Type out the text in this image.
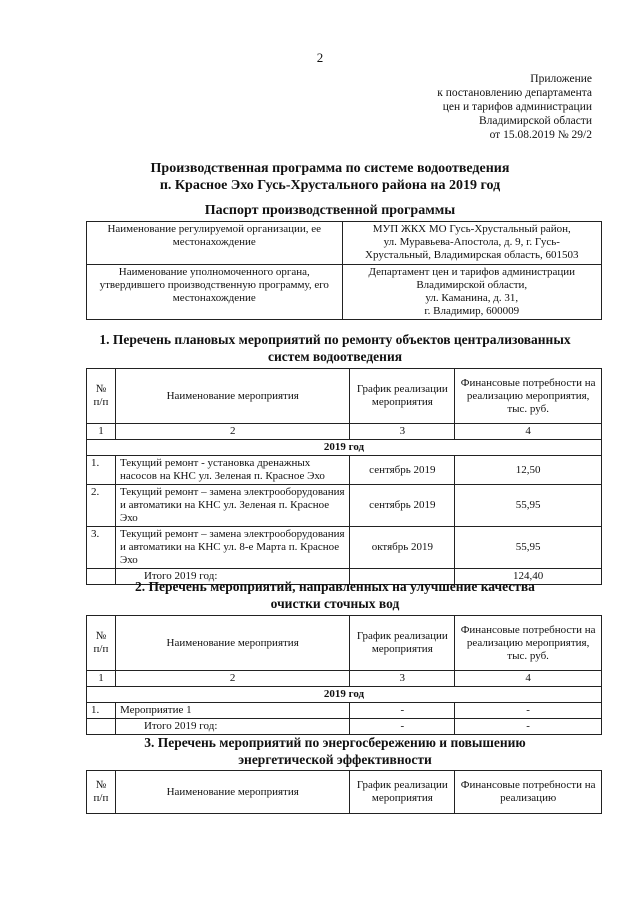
2
Приложение
к постановлению департамента
цен и тарифов администрации
Владимирской области
от 15.08.2019 № 29/2
Производственная программа по системе водоотведения
п. Красное Эхо Гусь-Хрустального района на 2019 год
Паспорт производственной программы
Наименование регулируемой организации, ее местонахождение	МУП ЖКХ МО Гусь-Хрустальный район,
ул. Муравьева-Апостола, д. 9, г. Гусь-
Хрустальный, Владимирская область, 601503

Наименование уполномоченного органа, утвердившего производственную программу, его местонахождение	Департамент цен и тарифов администрации
Владимирской области,
ул. Каманина, д. 31,
г. Владимир, 600009
1. Перечень плановых мероприятий по ремонту объектов централизованных
систем водоотведения
№ п/п	Наименование мероприятия	График реализации мероприятия	Финансовые потребности на реализацию мероприятия, тыс. руб.
1	2	3	4
2019 год			
1.	Текущий ремонт - установка дренажных насосов на КНС ул. Зеленая п. Красное Эхо	сентябрь 2019	12,50
2.	Текущий ремонт – замена электрооборудования и автоматики на КНС ул. Зеленая п. Красное Эхо	сентябрь 2019	55,95
3.	Текущий ремонт – замена электрооборудования и автоматики на КНС ул. 8-е Марта п. Красное Эхо	октябрь 2019	55,95
	Итого 2019 год:		124,40
2. Перечень мероприятий, направленных на улучшение качества
очистки сточных вод
№ п/п	Наименование мероприятия	График реализации мероприятия	Финансовые потребности на реализацию мероприятия, тыс. руб.
1	2	3	4
2019 год			
1.	Мероприятие 1	-	-
	Итого 2019 год:	-	-
3. Перечень мероприятий по энергосбережению и повышению
энергетической эффективности
№ п/п	Наименование мероприятия	График реализации мероприятия	Финансовые потребности на реализацию
